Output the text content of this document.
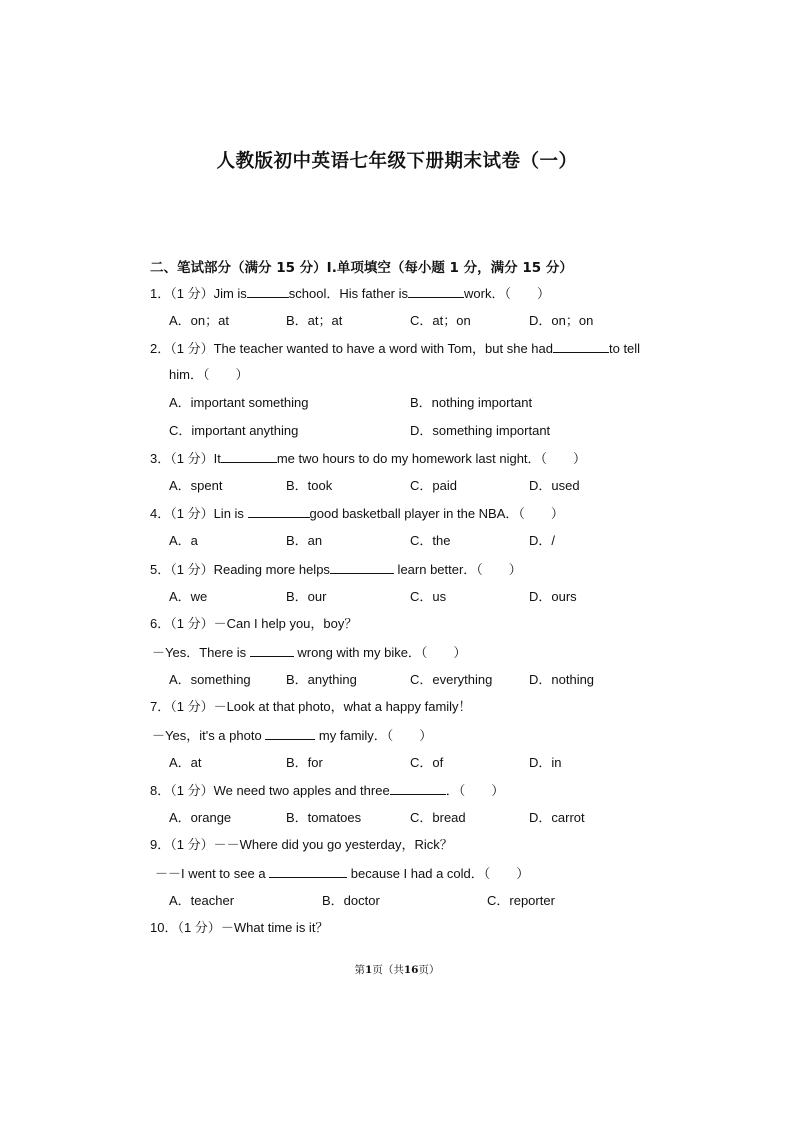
人教版初中英语七年级下册期末试卷（一）
二、笔试部分（满分 15 分）Ⅰ.单项填空（每小题 1 分，满分 15 分）
1．（1 分）Jim is	school．His father is	work．（　　）
A．on；at	B．at；at	C．at；on	D．on；on
2．（1 分）The teacher wanted to have a word with Tom，but she had	to tell
him．（　　）
A．important something	B．nothing important
C．important anything	D．something important
3．（1 分）It	me two hours to do my homework last night．（　　）
A．spent	B．took	C．paid	D．used
4．（1 分）Lin is	good basketball player in the NBA．（　　）
A．a	B．an	C．the	D．/
5．（1 分）Reading more helps	learn better．（　　）
A．we	B．our	C．us	D．ours
6．（1 分）－Can I help you，boy？
－Yes．There is	wrong with my bike．（　　）
A．something	B．anything	C．everything	D．nothing
7．（1 分）－Look at that photo，what a happy family！
－Yes，it's a photo	my family．（　　）
A．at	B．for	C．of	D．in
8．（1 分）We need two apples and three	．（　　）
A．orange	B．tomatoes	C．bread	D．carrot
9．（1 分）－－Where did you go yesterday，Rick？
－－I went to see a	because I had a cold．（　　）
A．teacher	B．doctor	C．reporter
10．（1 分）－What time is it？
第1页（共16页）
